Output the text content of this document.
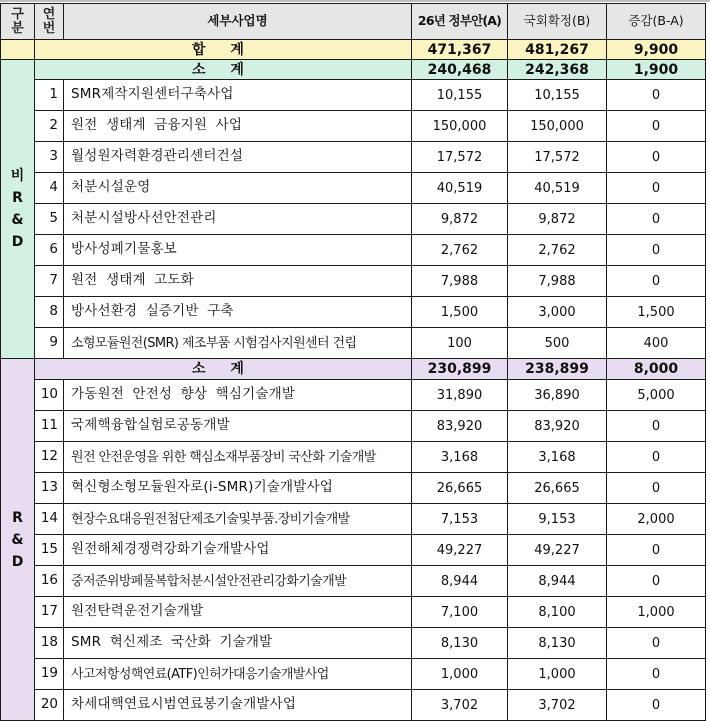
구
분	연
번	세부사업명	26년 정부안(A)	국회확정(B)	증감(B-A)
	합 계		471,367	481,267	9,900

비
R
&
D	소 계		240,468	242,368	1,900
	1	SMR제작지원센터구축사업	10,155	10,155	0
	2	원전 생태계 금융지원 사업	150,000	150,000	0
	3	월성원자력환경관리센터건설	17,572	17,572	0
	4	처분시설운영	40,519	40,519	0
	5	처분시설방사선안전관리	9,872	9,872	0
	6	방사성폐기물홍보	2,762	2,762	0
	7	원전 생태계 고도화	7,988	7,988	0
	8	방사선환경 실증기반 구축	1,500	3,000	1,500
	9	소형모듈원전(SMR) 제조부품 시험검사지원센터 건립	100	500	400

R
&
D	소 계		230,899	238,899	8,000
	10	가동원전 안전성 향상 핵심기술개발	31,890	36,890	5,000
	11	국제핵융합실험로공동개발	83,920	83,920	0
	12	원전 안전운영을 위한 핵심소재부품장비 국산화 기술개발	3,168	3,168	0
	13	혁신형소형모듈원자로(i-SMR)기술개발사업	26,665	26,665	0
	14	현장수요대응원전첨단제조기술및부품.장비기술개발	7,153	9,153	2,000
	15	원전해체경쟁력강화기술개발사업	49,227	49,227	0
	16	중저준위방폐물복합처분시설안전관리강화기술개발	8,944	8,944	0
	17	원전탄력운전기술개발	7,100	8,100	1,000
	18	SMR 혁신제조 국산화 기술개발	8,130	8,130	0
	19	사고저항성핵연료(ATF)인허가대응기술개발사업	1,000	1,000	0
	20	차세대핵연료시범연료봉기술개발사업	3,702	3,702	0
